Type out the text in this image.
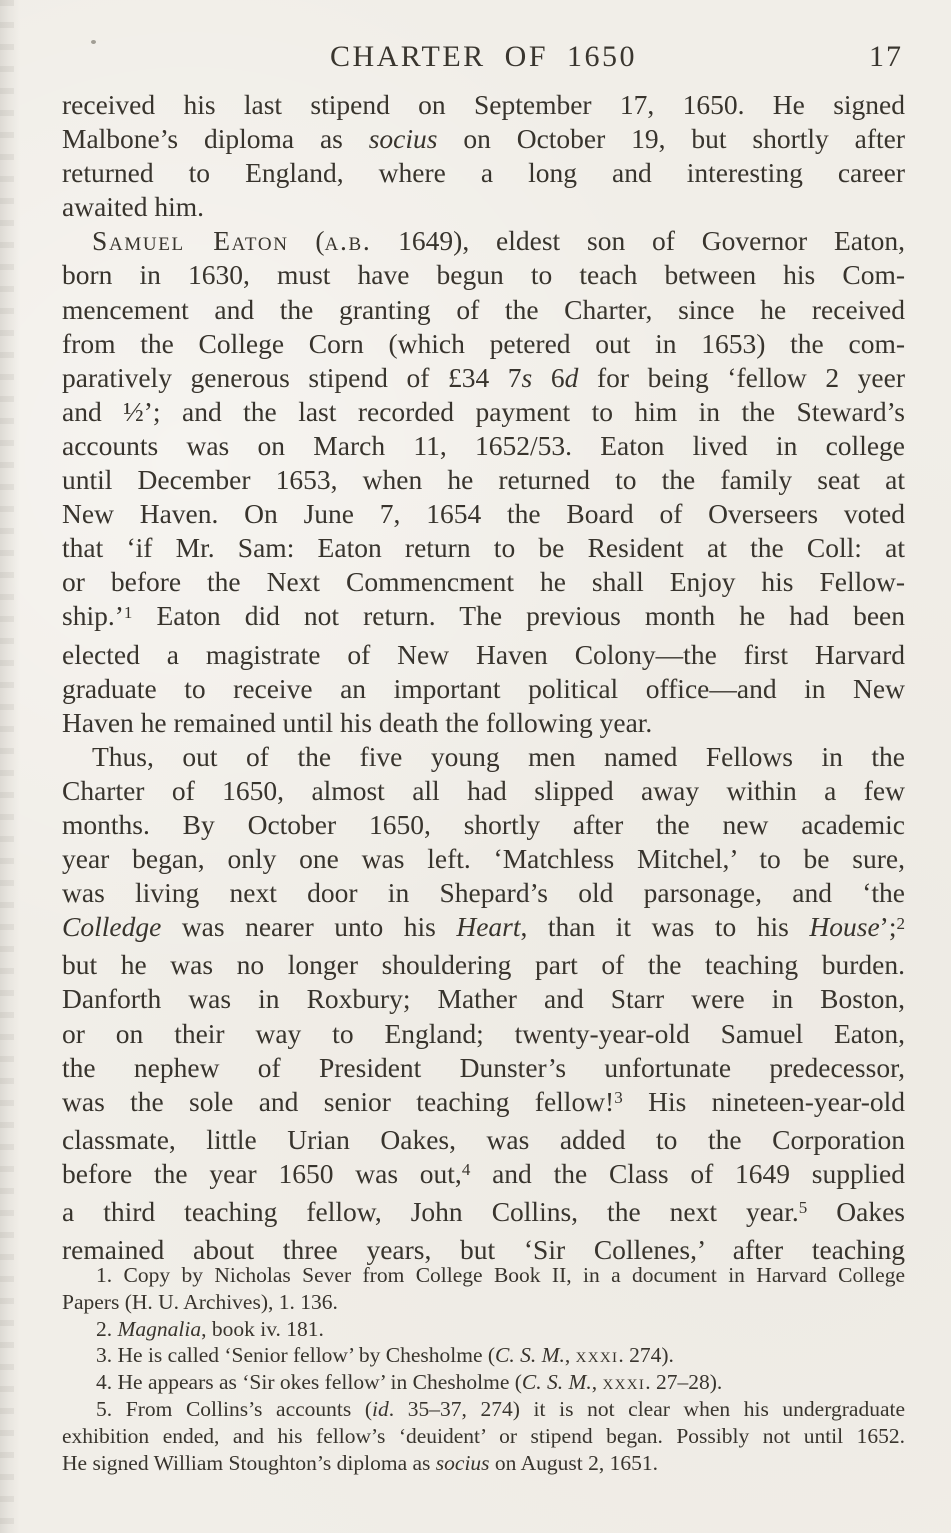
CHARTER OF 1650	17
received his last stipend on September 17, 1650. He signed
Malbone’s diploma as socius on October 19, but shortly after
returned to England, where a long and interesting career
awaited him.
Samuel Eaton (a.b. 1649), eldest son of Governor Eaton,
born in 1630, must have begun to teach between his Com-
mencement and the granting of the Charter, since he received
from the College Corn (which petered out in 1653) the com-
paratively generous stipend of £34 7s 6d for being ‘fellow 2 yeer
and ½’; and the last recorded payment to him in the Steward’s
accounts was on March 11, 1652/53. Eaton lived in college
until December 1653, when he returned to the family seat at
New Haven. On June 7, 1654 the Board of Overseers voted
that ‘if Mr. Sam: Eaton return to be Resident at the Coll: at
or before the Next Commencment he shall Enjoy his Fellow-
ship.’$^1$ Eaton did not return. The previous month he had been
elected a magistrate of New Haven Colony—the first Harvard
graduate to receive an important political office—and in New
Haven he remained until his death the following year.
Thus, out of the five young men named Fellows in the
Charter of 1650, almost all had slipped away within a few
months. By October 1650, shortly after the new academic
year began, only one was left. ‘Matchless Mitchel,’ to be sure,
was living next door in Shepard’s old parsonage, and ‘the
Colledge was nearer unto his Heart, than it was to his House’;$^2$
but he was no longer shouldering part of the teaching burden.
Danforth was in Roxbury; Mather and Starr were in Boston,
or on their way to England; twenty-year-old Samuel Eaton,
the nephew of President Dunster’s unfortunate predecessor,
was the sole and senior teaching fellow!$^3$ His nineteen-year-old
classmate, little Urian Oakes, was added to the Corporation
before the year 1650 was out,$^4$ and the Class of 1649 supplied
a third teaching fellow, John Collins, the next year.$^5$ Oakes
remained about three years, but ‘Sir Collenes,’ after teaching
1. Copy by Nicholas Sever from College Book II, in a document in Harvard College
Papers (H. U. Archives), 1. 136.
2. Magnalia, book iv. 181.
3. He is called ‘Senior fellow’ by Chesholme (C. S. M., xxxi. 274).
4. He appears as ‘Sir okes fellow’ in Chesholme (C. S. M., xxxi. 27–28).
5. From Collins’s accounts (id. 35–37, 274) it is not clear when his undergraduate
exhibition ended, and his fellow’s ‘deuident’ or stipend began. Possibly not until 1652.
He signed William Stoughton’s diploma as socius on August 2, 1651.
